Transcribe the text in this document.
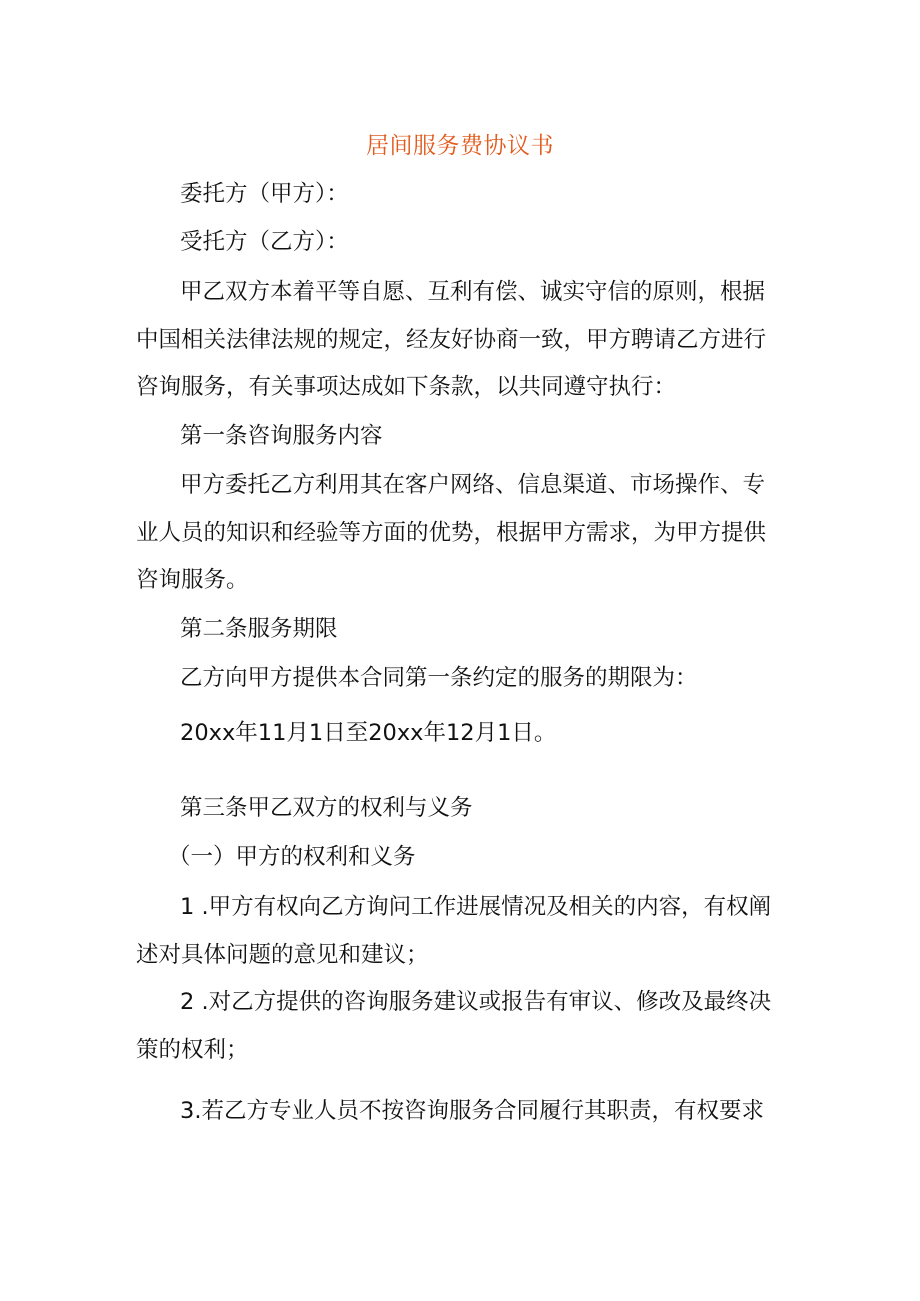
居间服务费协议书
委托方（甲方）：
受托方（乙方）：
甲乙双方本着平等自愿、互利有偿、诚实守信的原则，根据
中国相关法律法规的规定，经友好协商一致，甲方聘请乙方进行
咨询服务，有关事项达成如下条款，以共同遵守执行：
第一条咨询服务内容
甲方委托乙方利用其在客户网络、信息渠道、市场操作、专
业人员的知识和经验等方面的优势，根据甲方需求，为甲方提供
咨询服务。
第二条服务期限
乙方向甲方提供本合同第一条约定的服务的期限为：
20xx年11月1日至20xx年12月1日。
第三条甲乙双方的权利与义务
（一）甲方的权利和义务
1 .甲方有权向乙方询问工作进展情况及相关的内容，有权阐
述对具体问题的意见和建议；
2 .对乙方提供的咨询服务建议或报告有审议、修改及最终决
策的权利；
3.若乙方专业人员不按咨询服务合同履行其职责，有权要求
